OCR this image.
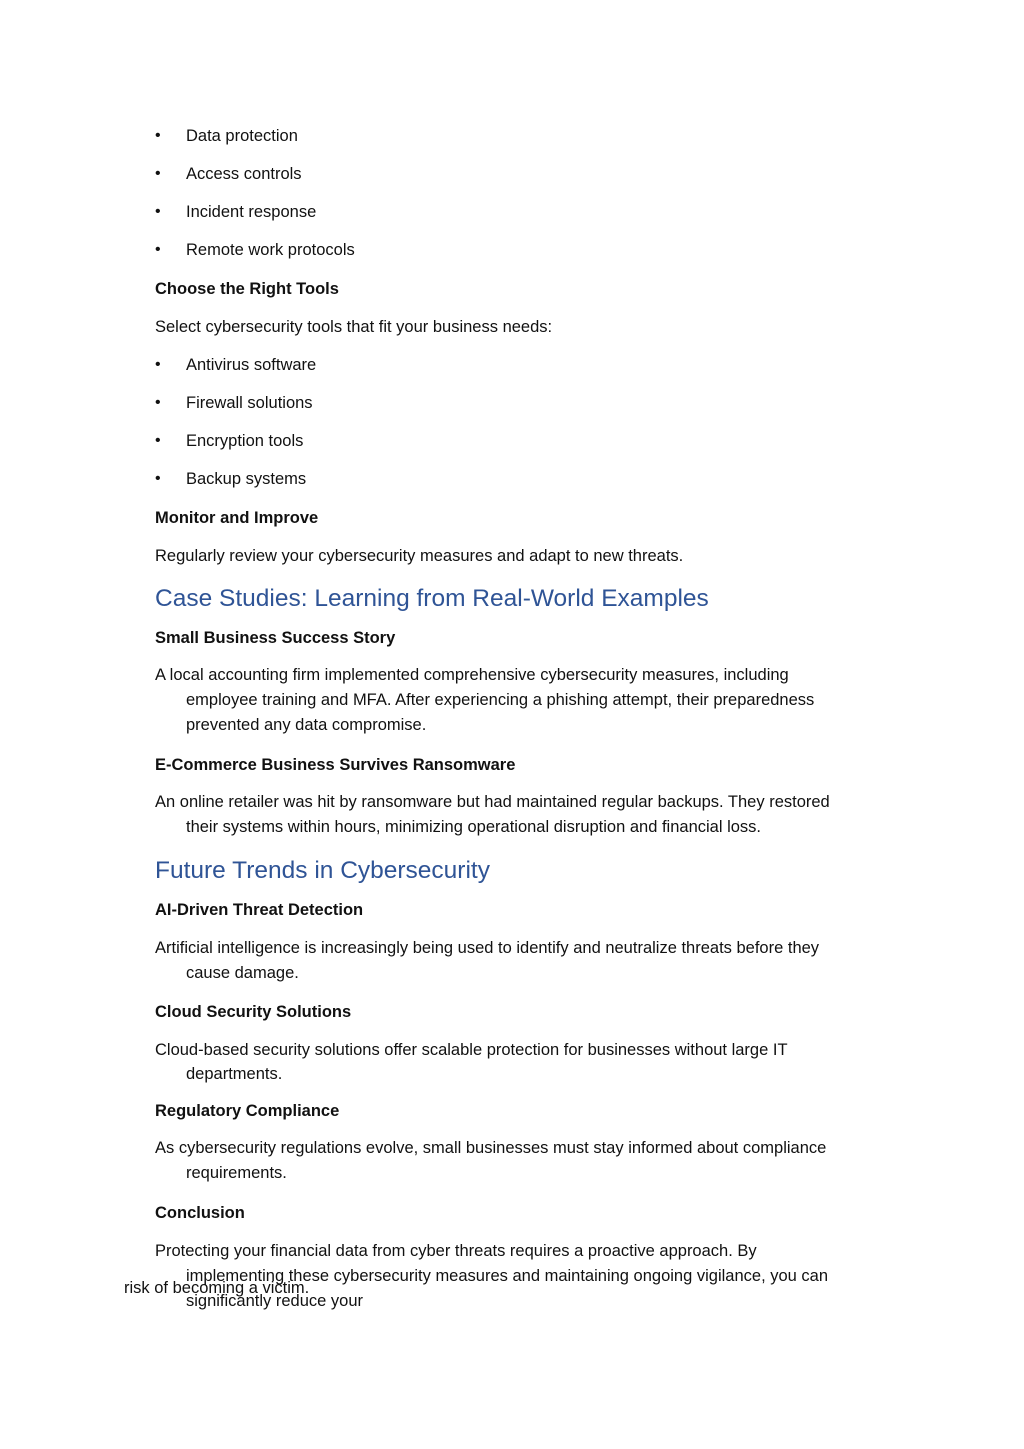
• Data protection
• Access controls
• Incident response
• Remote work protocols
Choose the Right Tools
Select cybersecurity tools that fit your business needs:
• Antivirus software
• Firewall solutions
• Encryption tools
• Backup systems
Monitor and Improve
Regularly review your cybersecurity measures and adapt to new threats.
Case Studies: Learning from Real-World Examples
Small Business Success Story
A local accounting firm implemented comprehensive cybersecurity measures, including
employee training and MFA. After experiencing a phishing attempt, their preparedness
prevented any data compromise.
E-Commerce Business Survives Ransomware
An online retailer was hit by ransomware but had maintained regular backups. They restored
their systems within hours, minimizing operational disruption and financial loss.
Future Trends in Cybersecurity
AI-Driven Threat Detection
Artificial intelligence is increasingly being used to identify and neutralize threats before they
cause damage.
Cloud Security Solutions
Cloud-based security solutions offer scalable protection for businesses without large IT
departments.
Regulatory Compliance
As cybersecurity regulations evolve, small businesses must stay informed about compliance
requirements.
Conclusion
Protecting your financial data from cyber threats requires a proactive approach. By
implementing these cybersecurity measures and maintaining ongoing vigilance, you can
risk of becoming a victim.
significantly reduce your
